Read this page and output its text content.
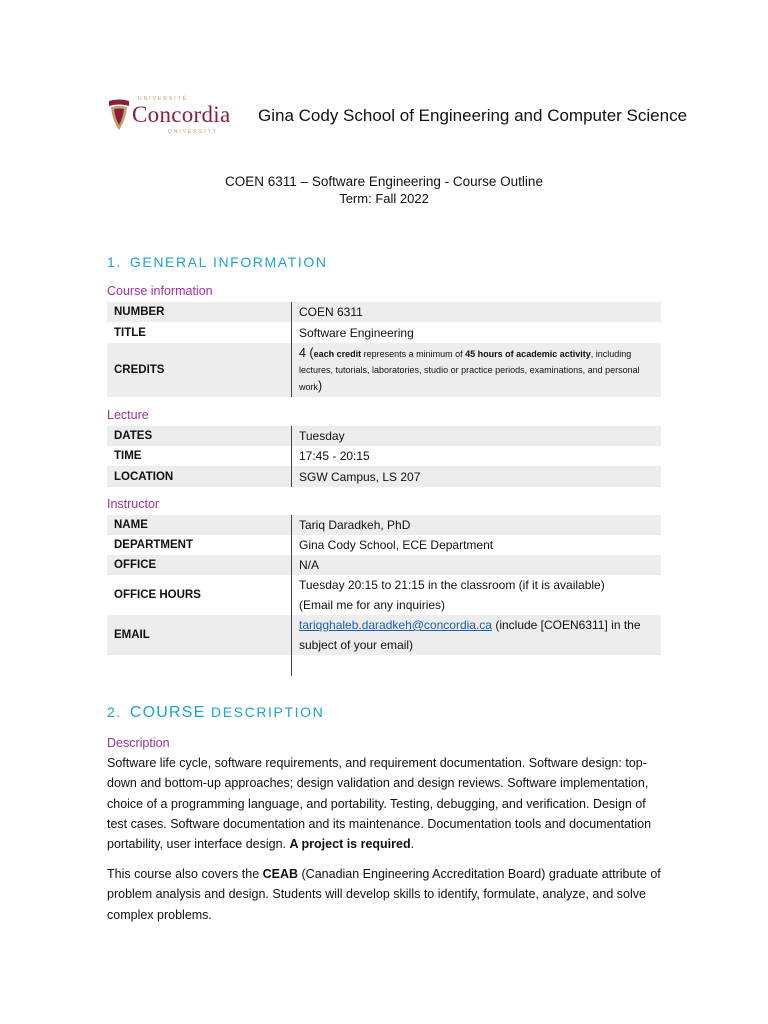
UNIVERSITÉ
Concordia
UNIVERSITY
Gina Cody School of Engineering and Computer Science
COEN 6311 – Software Engineering - Course Outline
Term: Fall 2022
1. GENERAL INFORMATION
Course information
NUMBER	COEN 6311
TITLE	Software Engineering
CREDITS	4 (each credit represents a minimum of 45 hours of academic activity, including lectures, tutorials, laboratories, studio or practice periods, examinations, and personal work)
Lecture
DATES	Tuesday
TIME	17:45 - 20:15
LOCATION	SGW Campus, LS 207
Instructor
NAME	Tariq Daradkeh, PhD
DEPARTMENT	Gina Cody School, ECE Department
OFFICE	N/A
OFFICE HOURS	Tuesday 20:15 to 21:15 in the classroom (if it is available)
(Email me for any inquiries)
EMAIL	tariqghaleb.daradkeh@concordia.ca (include [COEN6311] in the subject of your email)

2. COURSE DESCRIPTION
Description
Software life cycle, software requirements, and requirement documentation. Software design: top-down and bottom-up approaches; design validation and design reviews. Software implementation, choice of a programming language, and portability. Testing, debugging, and verification. Design of test cases. Software documentation and its maintenance. Documentation tools and documentation portability, user interface design. A project is required.
This course also covers the CEAB (Canadian Engineering Accreditation Board) graduate attribute of problem analysis and design. Students will develop skills to identify, formulate, analyze, and solve complex problems.
